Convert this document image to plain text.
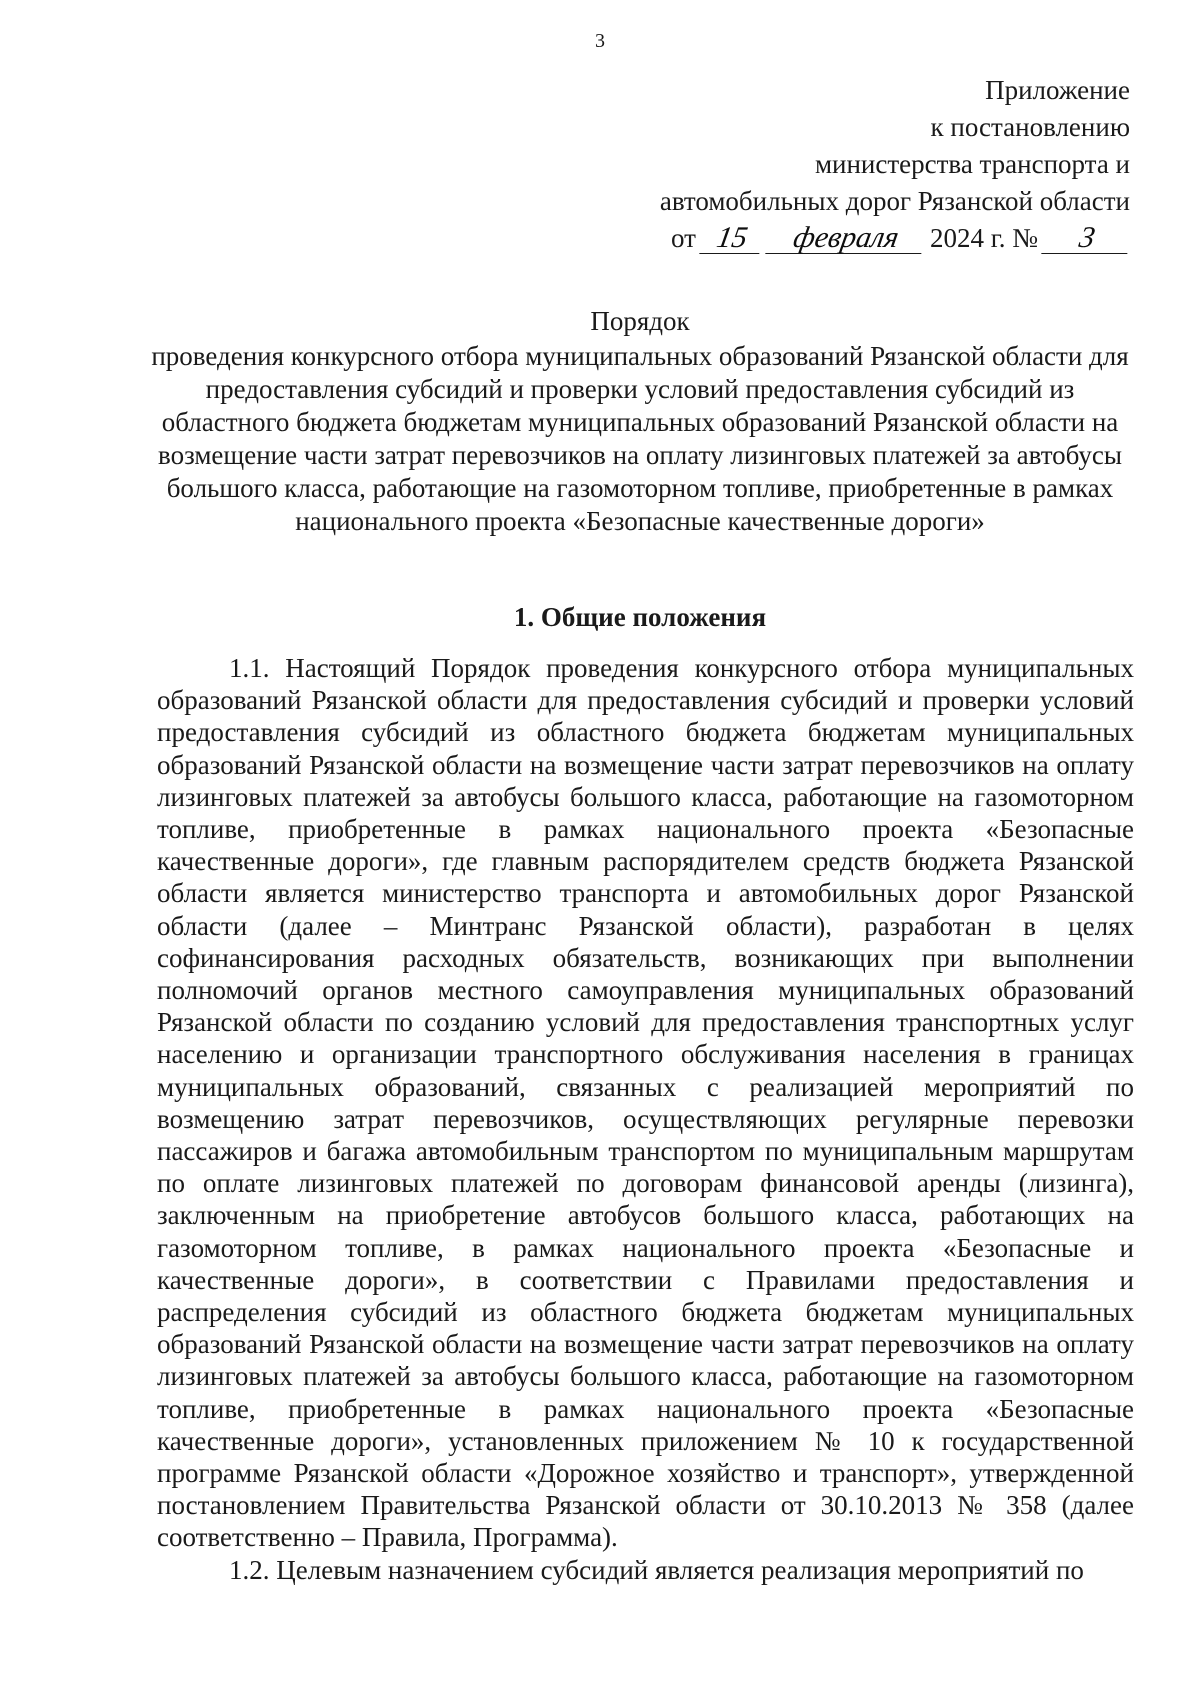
3
Приложение
к постановлению
министерства транспорта и
автомобильных дорог Рязанской области
от 15	февраля	2024 г. №	3
Порядок
проведения конкурсного отбора муниципальных образований Рязанской области для предоставления субсидий и проверки условий предоставления субсидий из областного бюджета бюджетам муниципальных образований Рязанской области на возмещение части затрат перевозчиков на оплату лизинговых платежей за автобусы большого класса, работающие на газомоторном топливе, приобретенные в рамках национального проекта «Безопасные качественные дороги»
1. Общие положения

1.1. Настоящий Порядок проведения конкурсного отбора муниципальных образований Рязанской области для предоставления субсидий и проверки условий предоставления субсидий из областного бюджета бюджетам муниципальных образований Рязанской области на возмещение части затрат перевозчиков на оплату лизинговых платежей за автобусы большого класса, работающие на газомоторном топливе, приобретенные в рамках национального проекта «Безопасные качественные дороги», где главным распорядителем средств бюджета Рязанской области является министерство транспорта и автомобильных дорог Рязанской области (далее – Минтранс Рязанской области), разработан в целях софинансирования расходных обязательств, возникающих при выполнении полномочий органов местного самоуправления муниципальных образований Рязанской области по созданию условий для предоставления транспортных услуг населению и организации транспортного обслуживания населения в границах муниципальных образований, связанных с реализацией мероприятий по возмещению затрат перевозчиков, осуществляющих регулярные перевозки пассажиров и багажа автомобильным транспортом по муниципальным маршрутам по оплате лизинговых платежей по договорам финансовой аренды (лизинга), заключенным на приобретение автобусов большого класса, работающих на газомоторном топливе, в рамках национального проекта «Безопасные и качественные дороги», в соответствии с Правилами предоставления и распределения субсидий из областного бюджета бюджетам муниципальных образований Рязанской области на возмещение части затрат перевозчиков на оплату лизинговых платежей за автобусы большого класса, работающие на газомоторном топливе, приобретенные в рамках национального проекта «Безопасные качественные дороги», установленных приложением № 10 к государственной программе Рязанской области «Дорожное хозяйство и транспорт», утвержденной постановлением Правительства Рязанской области от 30.10.2013 № 358 (далее соответственно – Правила, Программа).

1.2. Целевым назначением субсидий является реализация мероприятий по
